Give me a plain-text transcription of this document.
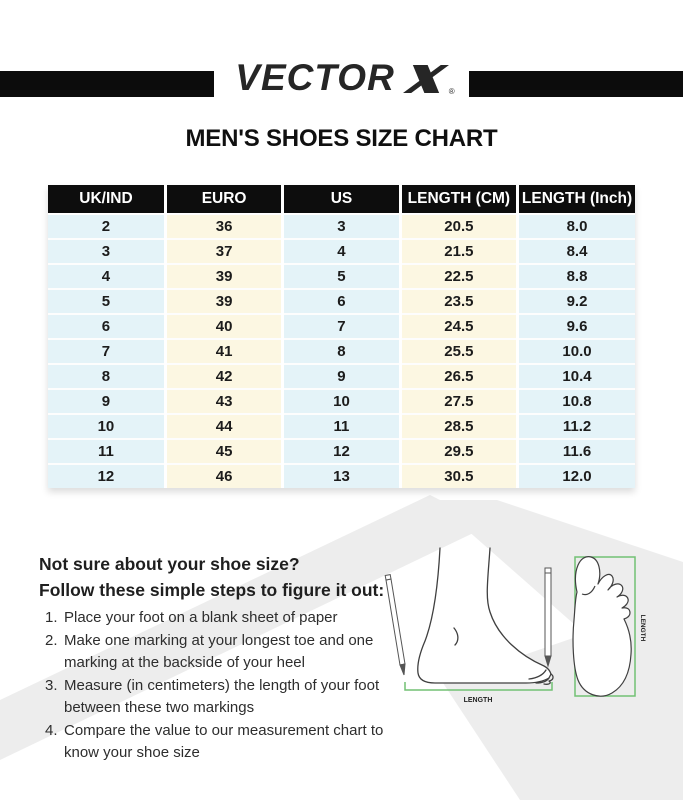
VECTOR	®
MEN'S SHOES SIZE CHART
UK/IND	EURO	US	LENGTH (CM)	LENGTH (Inch)
2	36	3	20.5	8.0
3	37	4	21.5	8.4
4	39	5	22.5	8.8
5	39	6	23.5	9.2
6	40	7	24.5	9.6
7	41	8	25.5	10.0
8	42	9	26.5	10.4
9	43	10	27.5	10.8
10	44	11	28.5	11.2
11	45	12	29.5	11.6
12	46	13	30.5	12.0
Not sure about your shoe size?
Follow these simple steps to figure it out:
Place your foot on a blank sheet of paper
Make one marking at your longest toe and one marking at the backside of your heel
Measure (in centimeters) the length of your foot between these two markings
Compare the value to our measurement chart to know your shoe size
LENGTH
LENGTH
